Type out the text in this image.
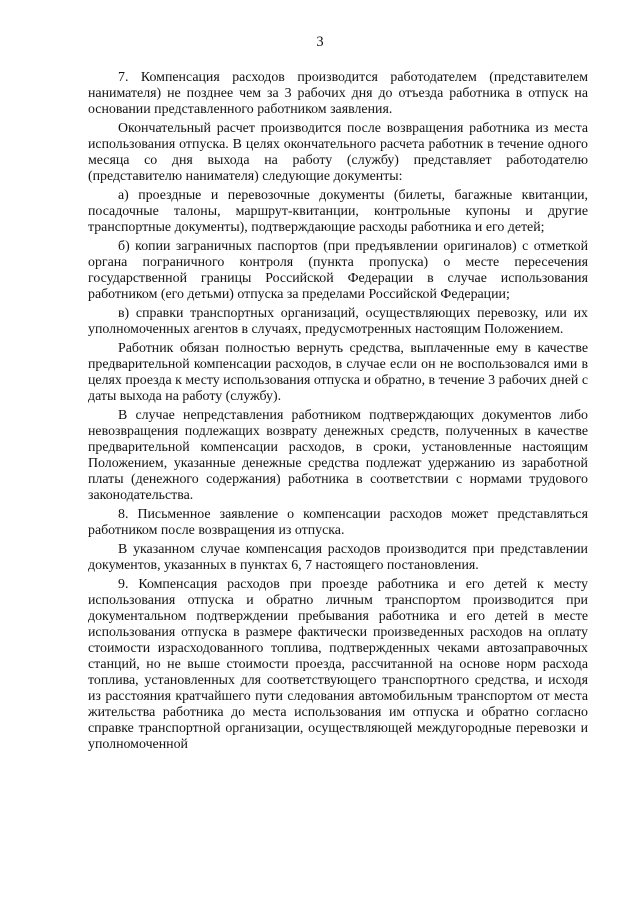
3

7. Компенсация расходов производится работодателем (представителем нанимателя) не позднее чем за 3 рабочих дня до отъезда работника в отпуск на основании представленного работником заявления.

Окончательный расчет производится после возвращения работника из места использования отпуска. В целях окончательного расчета работник в течение одного месяца со дня выхода на работу (службу) представляет работодателю (представителю нанимателя) следующие документы:

а) проездные и перевозочные документы (билеты, багажные квитанции, посадочные талоны, маршрут-квитанции, контрольные купоны и другие транспортные документы), подтверждающие расходы работника и его детей;

б) копии заграничных паспортов (при предъявлении оригиналов) с отметкой органа пограничного контроля (пункта пропуска) о месте пересечения государственной границы Российской Федерации в случае использования работником (его детьми) отпуска за пределами Российской Федерации;

в) справки транспортных организаций, осуществляющих перевозку, или их уполномоченных агентов в случаях, предусмотренных настоящим Положением.

Работник обязан полностью вернуть средства, выплаченные ему в качестве предварительной компенсации расходов, в случае если он не воспользовался ими в целях проезда к месту использования отпуска и обратно, в течение 3 рабочих дней с даты выхода на работу (службу).

В случае непредставления работником подтверждающих документов либо невозвращения подлежащих возврату денежных средств, полученных в качестве предварительной компенсации расходов, в сроки, установленные настоящим Положением, указанные денежные средства подлежат удержанию из заработной платы (денежного содержания) работника в соответствии с нормами трудового законодательства.

8. Письменное заявление о компенсации расходов может представляться работником после возвращения из отпуска.

В указанном случае компенсация расходов производится при представлении документов, указанных в пунктах 6, 7 настоящего постановления.

9. Компенсация расходов при проезде работника и его детей к месту использования отпуска и обратно личным транспортом производится при документальном подтверждении пребывания работника и его детей в месте использования отпуска в размере фактически произведенных расходов на оплату стоимости израсходованного топлива, подтвержденных чеками автозаправочных станций, но не выше стоимости проезда, рассчитанной на основе норм расхода топлива, установленных для соответствующего транспортного средства, и исходя из расстояния кратчайшего пути следования автомобильным транспортом от места жительства работника до места использования им отпуска и обратно согласно справке транспортной организации, осуществляющей междугородные перевозки и уполномоченной
